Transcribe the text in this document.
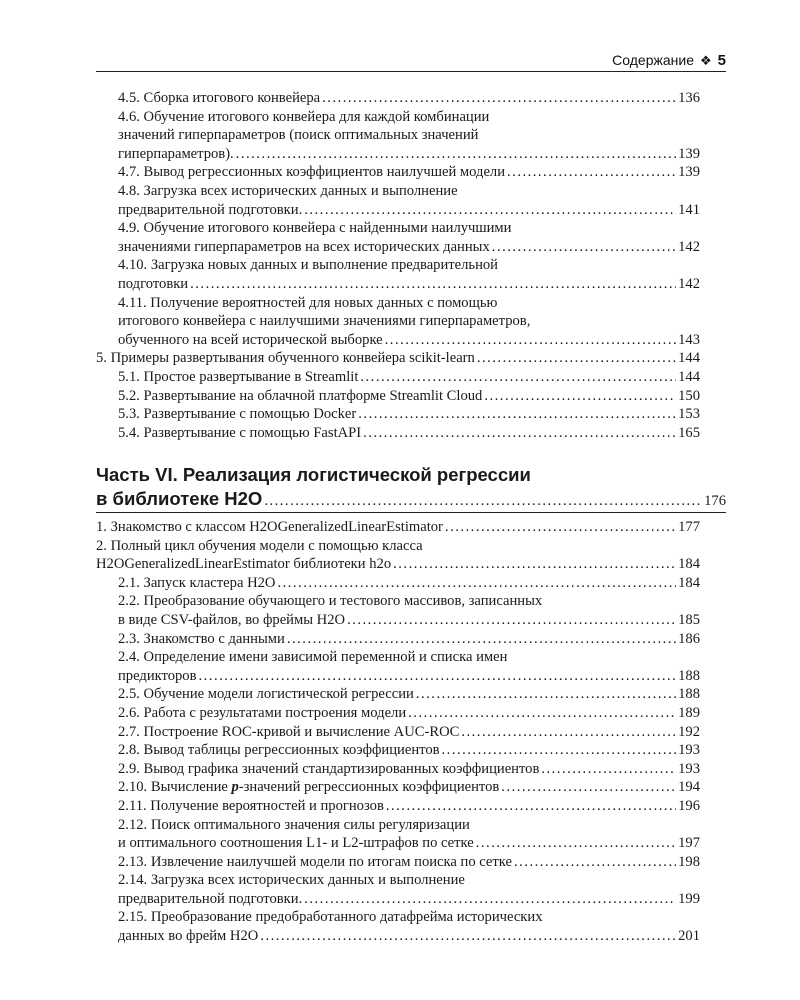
Содержание ❖ 5
4.5. Сборка итогового конвейера .....	136
4.6. Обучение итогового конвейера для каждой комбинации
значений гиперпараметров (поиск оптимальных значений
гиперпараметров). .....	139
4.7. Вывод регрессионных коэффициентов наилучшей модели .....	139
4.8. Загрузка всех исторических данных и выполнение
предварительной подготовки. .....	141
4.9. Обучение итогового конвейера с найденными наилучшими
значениями гиперпараметров на всех исторических данных .....	142
4.10. Загрузка новых данных и выполнение предварительной
подготовки .....	142
4.11. Получение вероятностей для новых данных с помощью
итогового конвейера с наилучшими значениями гиперпараметров,
обученного на всей исторической выборке .....	143
5. Примеры развертывания обученного конвейера scikit-learn .....	144
5.1. Простое развертывание в Streamlit .....	144
5.2. Развертывание на облачной платформе Streamlit Cloud .....	150
5.3. Развертывание с помощью Docker .....	153
5.4. Развертывание с помощью FastAPI .....	165
Часть VI. Реализация логистической регрессии
в библиотеке H2O .....	176
1. Знакомство с классом H2OGeneralizedLinearEstimator .....	177
2. Полный цикл обучения модели с помощью класса
H2OGeneralizedLinearEstimator библиотеки h2o .....	184
2.1. Запуск кластера H2O .....	184
2.2. Преобразование обучающего и тестового массивов, записанных
в виде CSV-файлов, во фреймы H2O .....	185
2.3. Знакомство с данными .....	186
2.4. Определение имени зависимой переменной и списка имен
предикторов .....	188
2.5. Обучение модели логистической регрессии .....	188
2.6. Работа с результатами построения модели .....	189
2.7. Построение ROC-кривой и вычисление AUC-ROC .....	192
2.8. Вывод таблицы регрессионных коэффициентов .....	193
2.9. Вывод графика значений стандартизированных коэффициентов .....	193
2.10. Вычисление p-значений регрессионных коэффициентов .....	194
2.11. Получение вероятностей и прогнозов .....	196
2.12. Поиск оптимального значения силы регуляризации
и оптимального соотношения L1- и L2-штрафов по сетке .....	197
2.13. Извлечение наилучшей модели по итогам поиска по сетке .....	198
2.14. Загрузка всех исторических данных и выполнение
предварительной подготовки. .....	199
2.15. Преобразование предобработанного датафрейма исторических
данных во фрейм H2O .....	201
